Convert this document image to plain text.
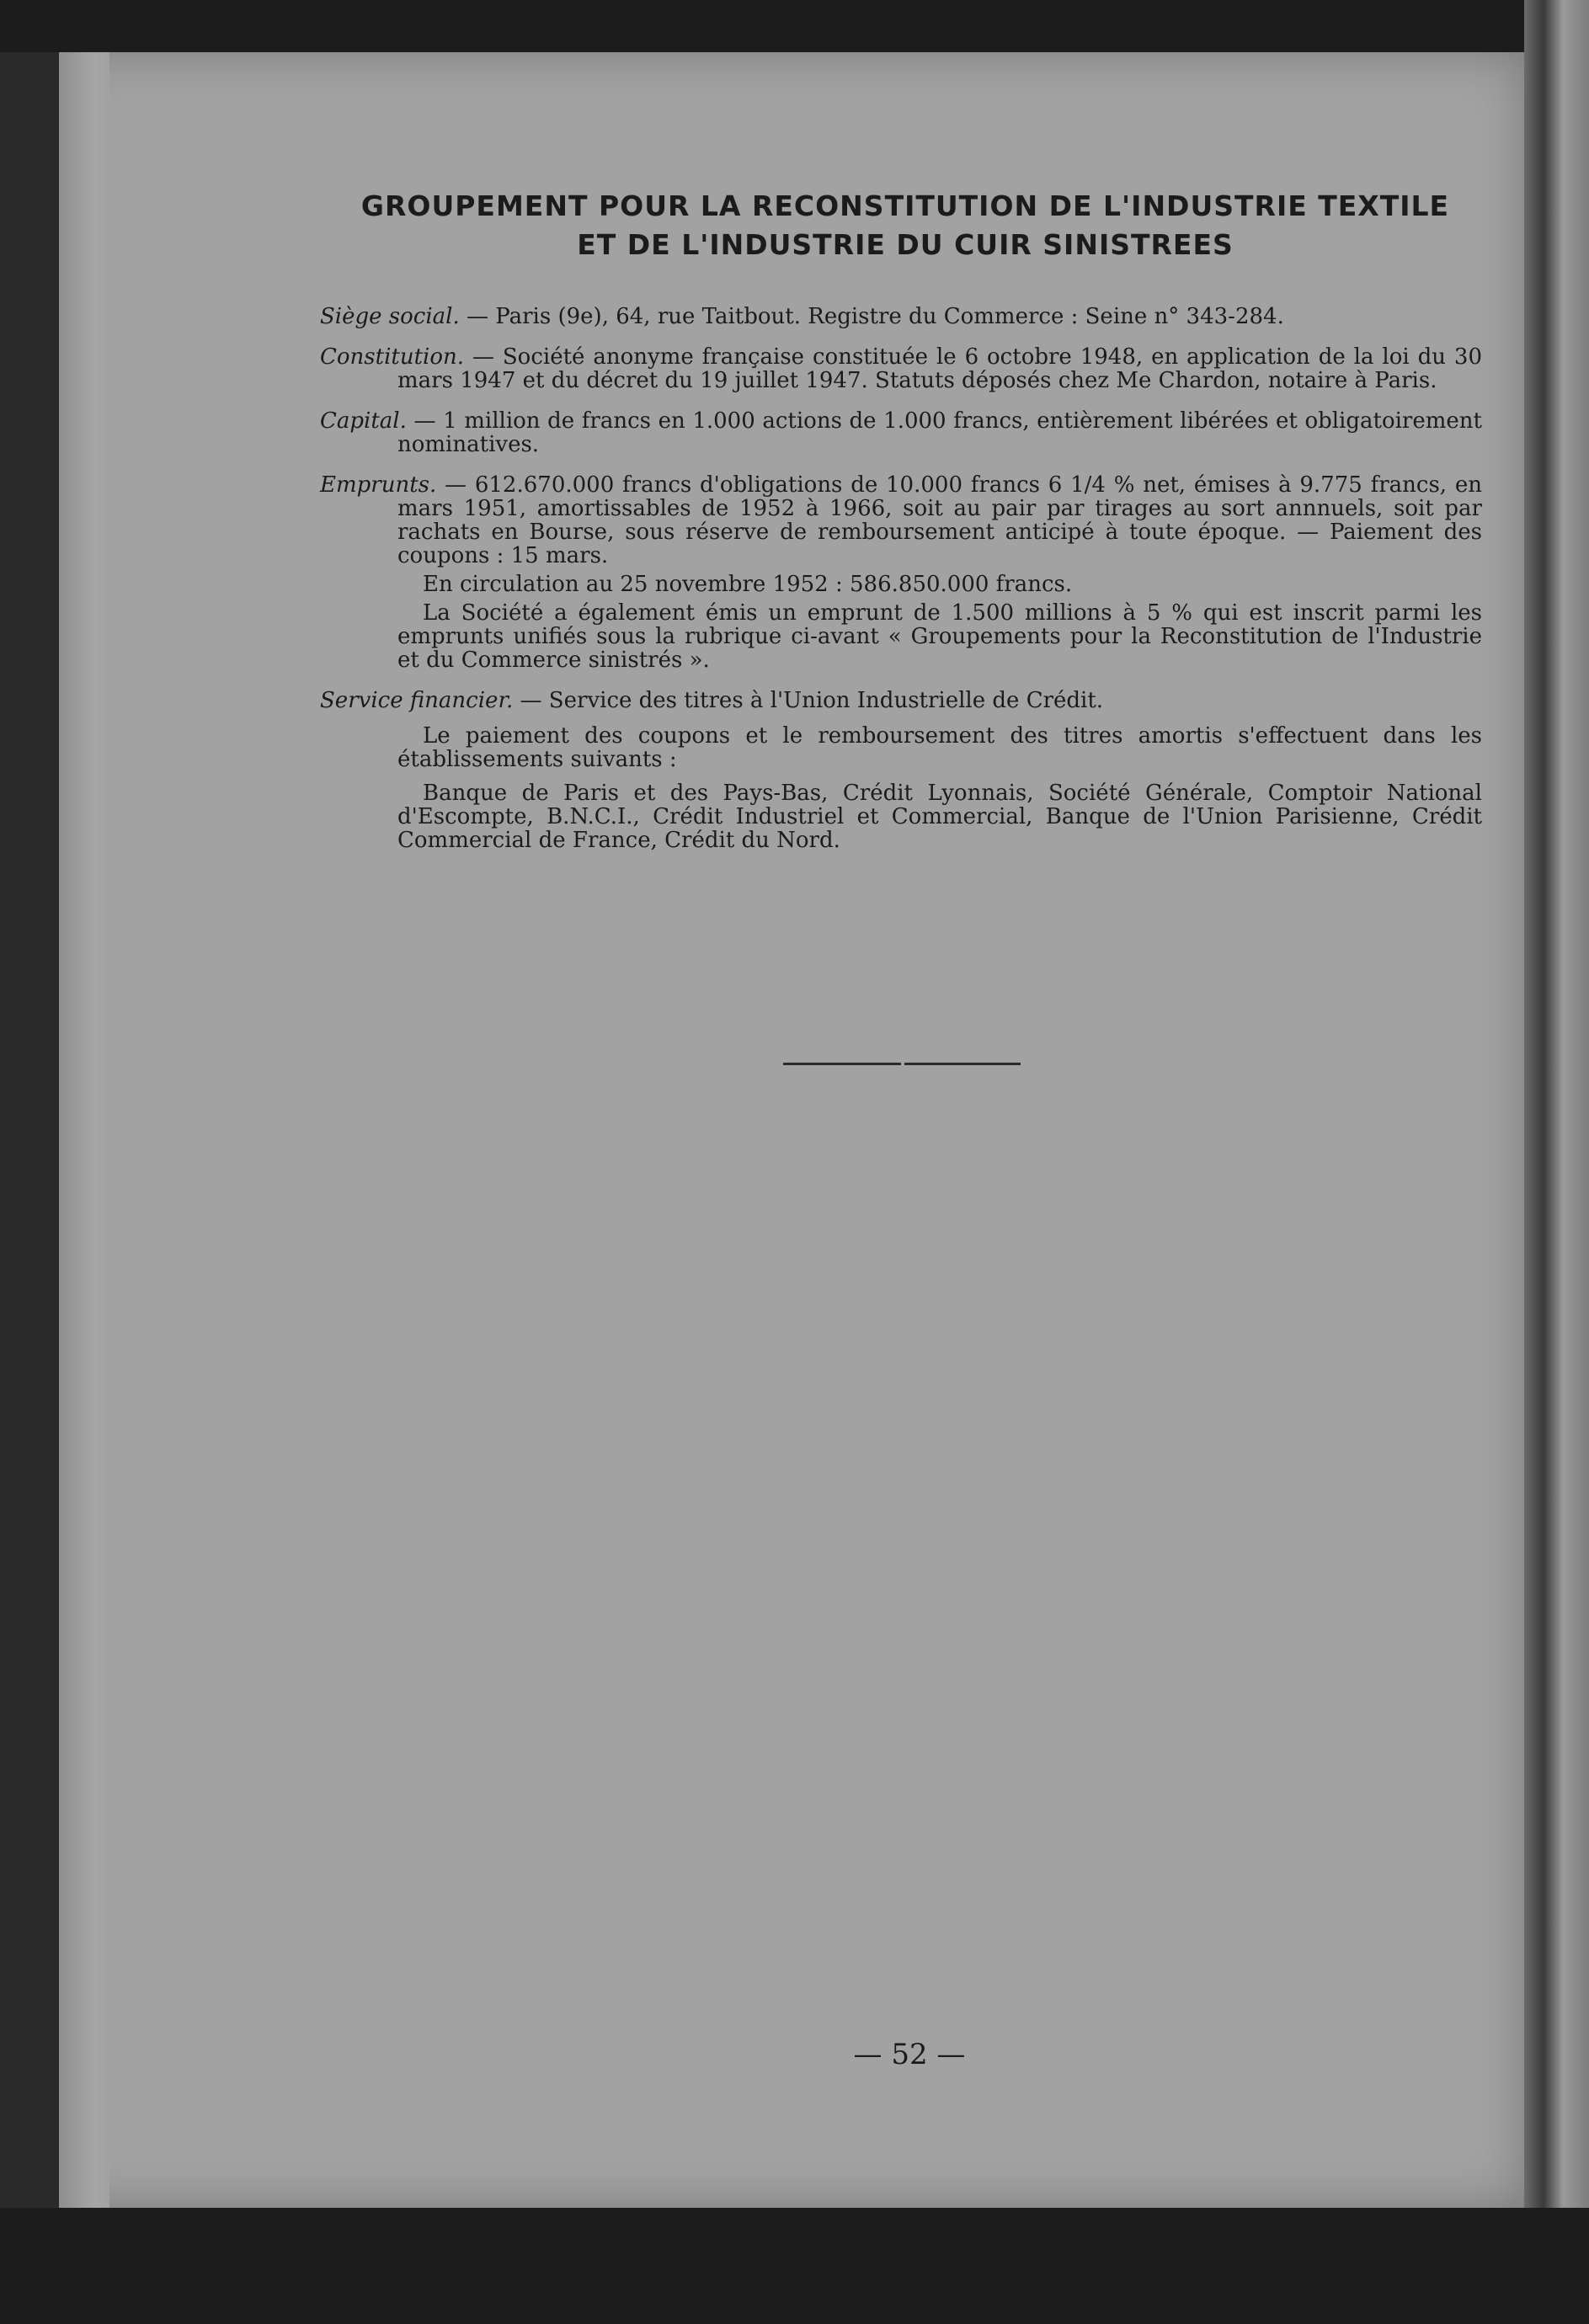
GROUPEMENT POUR LA RECONSTITUTION DE L'INDUSTRIE TEXTILE
ET DE L'INDUSTRIE DU CUIR SINISTREES

Siège social. — Paris (9e), 64, rue Taitbout. Registre du Commerce : Seine n° 343-284.

Constitution. — Société anonyme française constituée le 6 octobre 1948, en application de la loi du 30 mars 1947 et du décret du 19 juillet 1947. Statuts déposés chez Me Chardon, notaire à Paris.

Capital. — 1 million de francs en 1.000 actions de 1.000 francs, entièrement libérées et obligatoirement nominatives.

Emprunts. — 612.670.000 francs d'obligations de 10.000 francs 6 1/4 % net, émises à 9.775 francs, en mars 1951, amortissables de 1952 à 1966, soit au pair par tirages au sort annnuels, soit par rachats en Bourse, sous réserve de remboursement anticipé à toute époque. — Paiement des coupons : 15 mars.

En circulation au 25 novembre 1952 : 586.850.000 francs.

La Société a également émis un emprunt de 1.500 millions à 5 % qui est inscrit parmi les emprunts unifiés sous la rubrique ci-avant « Groupements pour la Reconstitution de l'Industrie et du Commerce sinistrés ».

Service financier. — Service des titres à l'Union Industrielle de Crédit.

Le paiement des coupons et le remboursement des titres amortis s'effectuent dans les établissements suivants :

Banque de Paris et des Pays-Bas, Crédit Lyonnais, Société Générale, Comptoir National d'Escompte, B.N.C.I., Crédit Industriel et Commercial, Banque de l'Union Parisienne, Crédit Commercial de France, Crédit du Nord.

— 52 —
